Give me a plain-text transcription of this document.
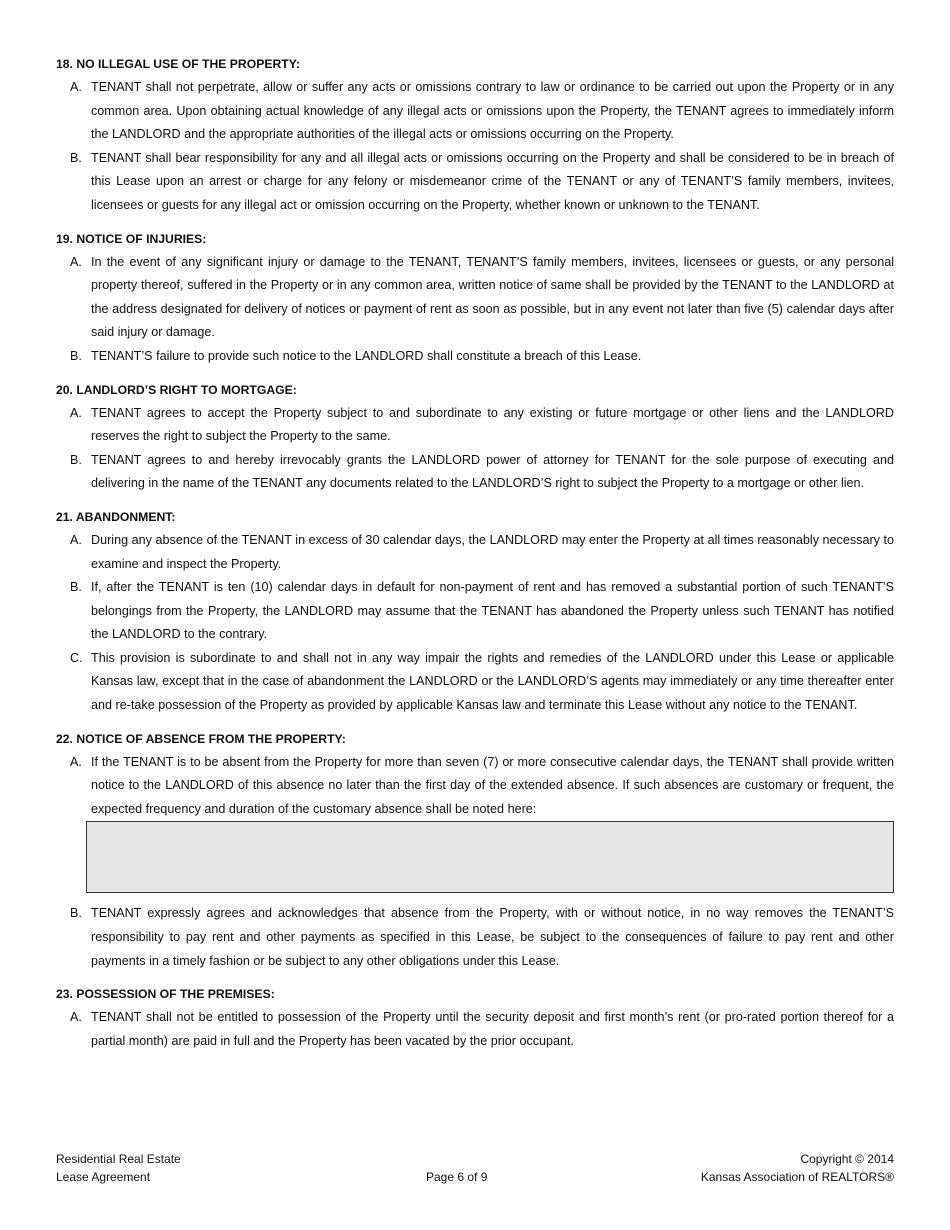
18. NO ILLEGAL USE OF THE PROPERTY:
A. TENANT shall not perpetrate, allow or suffer any acts or omissions contrary to law or ordinance to be carried out upon the Property or in any common area. Upon obtaining actual knowledge of any illegal acts or omissions upon the Property, the TENANT agrees to immediately inform the LANDLORD and the appropriate authorities of the illegal acts or omissions occurring on the Property.
B. TENANT shall bear responsibility for any and all illegal acts or omissions occurring on the Property and shall be considered to be in breach of this Lease upon an arrest or charge for any felony or misdemeanor crime of the TENANT or any of TENANT’S family members, invitees, licensees or guests for any illegal act or omission occurring on the Property, whether known or unknown to the TENANT.
19. NOTICE OF INJURIES:
A. In the event of any significant injury or damage to the TENANT, TENANT’S family members, invitees, licensees or guests, or any personal property thereof, suffered in the Property or in any common area, written notice of same shall be provided by the TENANT to the LANDLORD at the address designated for delivery of notices or payment of rent as soon as possible, but in any event not later than five (5) calendar days after said injury or damage.
B. TENANT’S failure to provide such notice to the LANDLORD shall constitute a breach of this Lease.
20. LANDLORD’S RIGHT TO MORTGAGE:
A. TENANT agrees to accept the Property subject to and subordinate to any existing or future mortgage or other liens and the LANDLORD reserves the right to subject the Property to the same.
B. TENANT agrees to and hereby irrevocably grants the LANDLORD power of attorney for TENANT for the sole purpose of executing and delivering in the name of the TENANT any documents related to the LANDLORD’S right to subject the Property to a mortgage or other lien.
21. ABANDONMENT:
A. During any absence of the TENANT in excess of 30 calendar days, the LANDLORD may enter the Property at all times reasonably necessary to examine and inspect the Property.
B. If, after the TENANT is ten (10) calendar days in default for non-payment of rent and has removed a substantial portion of such TENANT’S belongings from the Property, the LANDLORD may assume that the TENANT has abandoned the Property unless such TENANT has notified the LANDLORD to the contrary.
C. This provision is subordinate to and shall not in any way impair the rights and remedies of the LANDLORD under this Lease or applicable Kansas law, except that in the case of abandonment the LANDLORD or the LANDLORD’S agents may immediately or any time thereafter enter and re-take possession of the Property as provided by applicable Kansas law and terminate this Lease without any notice to the TENANT.
22. NOTICE OF ABSENCE FROM THE PROPERTY:
A. If the TENANT is to be absent from the Property for more than seven (7) or more consecutive calendar days, the TENANT shall provide written notice to the LANDLORD of this absence no later than the first day of the extended absence. If such absences are customary or frequent, the expected frequency and duration of the customary absence shall be noted here:
B. TENANT expressly agrees and acknowledges that absence from the Property, with or without notice, in no way removes the TENANT’S responsibility to pay rent and other payments as specified in this Lease, be subject to the consequences of failure to pay rent and other payments in a timely fashion or be subject to any other obligations under this Lease.
23. POSSESSION OF THE PREMISES:
A. TENANT shall not be entitled to possession of the Property until the security deposit and first month’s rent (or pro-rated portion thereof for a partial month) are paid in full and the Property has been vacated by the prior occupant.
Residential Real Estate
Lease Agreement	Page 6 of 9
Copyright © 2014
Kansas Association of REALTORS®
